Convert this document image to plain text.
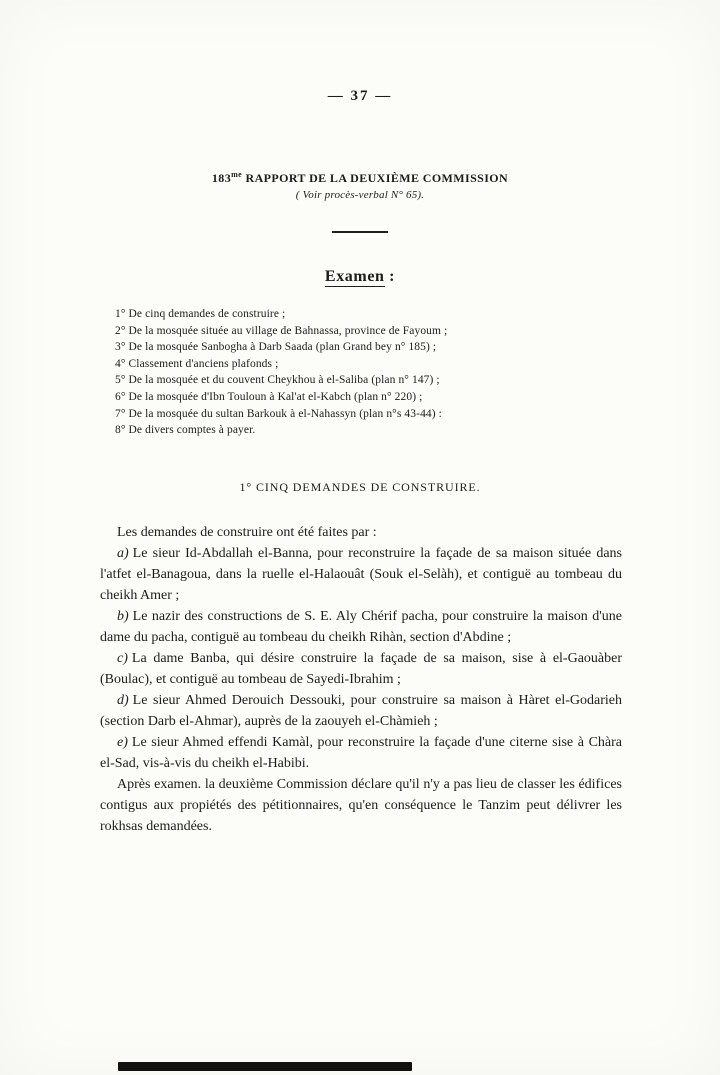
— 37 —
$183^{me}$ RAPPORT DE LA DEUXIÈME COMMISSION
( Voir procès-verbal N° 65).
Examen :
1° De cinq demandes de construire ;
2° De la mosquée située au village de Bahnassa, province de Fayoum ;
3° De la mosquée Sanbogha à Darb Saada (plan Grand bey n° 185) ;
4° Classement d'anciens plafonds ;
5° De la mosquée et du couvent Cheykhou à el-Saliba (plan n° 147) ;
6° De la mosquée d'Ibn Touloun à Kal'at el-Kabch (plan n° 220) ;
7° De la mosquée du sultan Barkouk à el-Nahassyn (plan n°s 43-44) :
8° De divers comptes à payer.
1° CINQ DEMANDES DE CONSTRUIRE.

Les demandes de construire ont été faites par :

a) Le sieur Id-Abdallah el-Banna, pour reconstruire la façade de sa maison située dans l'atfet el-Banagoua, dans la ruelle el-Halaouât (Souk el-Selàh), et contiguë au tombeau du cheikh Amer ;

b) Le nazir des constructions de S. E. Aly Chérif pacha, pour construire la maison d'une dame du pacha, contiguë au tombeau du cheikh Rihàn, section d'Abdine ;

c) La dame Banba, qui désire construire la façade de sa maison, sise à el-Gaouàber (Boulac), et contiguë au tombeau de Sayedi-Ibrahim ;

d) Le sieur Ahmed Derouich Dessouki, pour construire sa maison à Hàret el-Godarieh (section Darb el-Ahmar), auprès de la zaouyeh el-Chàmieh ;

e) Le sieur Ahmed effendi Kamàl, pour reconstruire la façade d'une citerne sise à Chàra el-Sad, vis-à-vis du cheikh el-Habibi.

Après examen. la deuxième Commission déclare qu'il n'y a pas lieu de classer les édifices contigus aux propiétés des pétitionnaires, qu'en conséquence le Tanzim peut délivrer les rokhsas demandées.
